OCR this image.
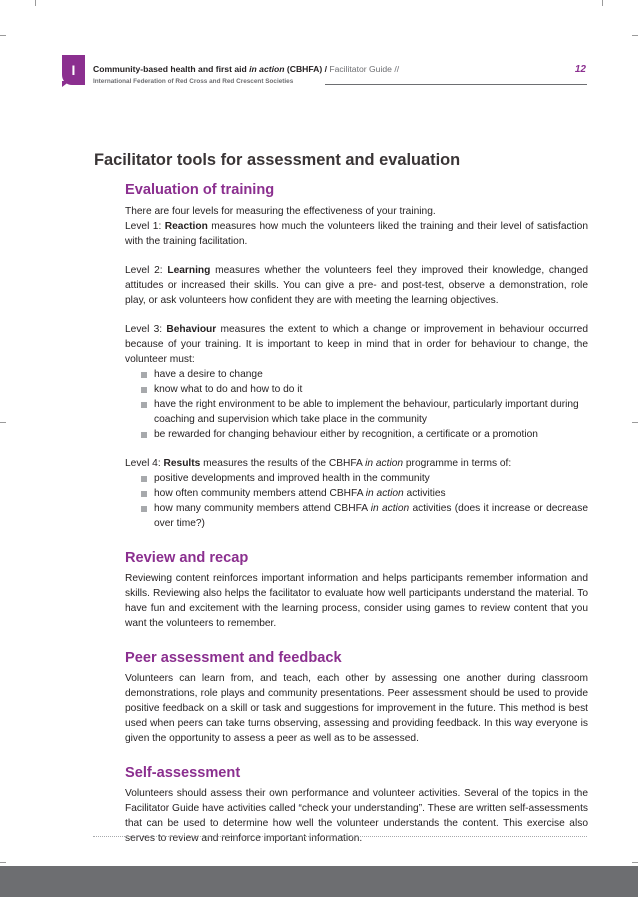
I Community-based health and first aid in action (CBHFA) / Facilitator Guide //
International Federation of Red Cross and Red Crescent Societies
12
Facilitator tools for assessment and evaluation
Evaluation of training

There are four levels for measuring the effectiveness of your training.

Level 1: Reaction measures how much the volunteers liked the training and their level of satisfaction with the training facilitation.

Level 2: Learning measures whether the volunteers feel they improved their knowledge, changed attitudes or increased their skills. You can give a pre- and post-test, observe a demonstration, role play, or ask volunteers how confident they are with meeting the learning objectives.

Level 3: Behaviour measures the extent to which a change or improvement in behaviour occurred because of your training. It is important to keep in mind that in order for behaviour to change, the volunteer must:

have a desire to change
know what to do and how to do it
have the right environment to be able to implement the behaviour, particularly important during coaching and supervision which take place in the community
be rewarded for changing behaviour either by recognition, a certificate or a promotion

Level 4: Results measures the results of the CBHFA in action programme in terms of:

positive developments and improved health in the community
how often community members attend CBHFA in action activities
how many community members attend CBHFA in action activities (does it increase or decrease over time?)
Review and recap

Reviewing content reinforces important information and helps participants remember information and skills. Reviewing also helps the facilitator to evaluate how well participants understand the material. To have fun and excitement with the learning process, consider using games to review content that you want the volunteers to remember.

Peer assessment and feedback

Volunteers can learn from, and teach, each other by assessing one another during classroom demonstrations, role plays and community presentations. Peer assessment should be used to provide positive feedback on a skill or task and suggestions for improvement in the future. This method is best used when peers can take turns observing, assessing and providing feedback. In this way everyone is given the opportunity to assess a peer as well as to be assessed.

Self-assessment

Volunteers should assess their own performance and volunteer activities. Several of the topics in the Facilitator Guide have activities called “check your understanding”. These are written self-assessments that can be used to determine how well the volunteer understands the content. This exercise also serves to review and reinforce important information.
